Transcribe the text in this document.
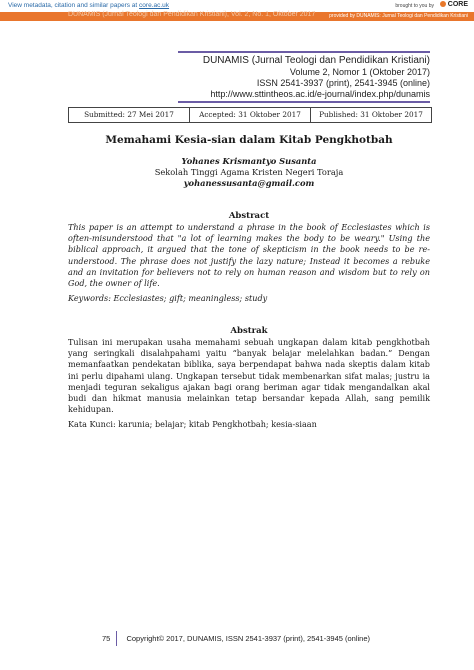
View metadata, citation and similar papers at core.ac.uk	brought to you by	CORE
DUNAMIS (Jurnal Teologi dan Pendidikan Kristiani), Vol. 2, No. 1, Oktober 2017	provided by DUNAMIS: Jurnal Teologi dan Pendidikan Kristiani
DUNAMIS (Jurnal Teologi dan Pendidikan Kristiani)
Volume 2, Nomor 1 (Oktober 2017)
ISSN 2541-3937 (print), 2541-3945 (online)
http://www.sttintheos.ac.id/e-journal/index.php/dunamis
Submitted: 27 Mei 2017	Accepted: 31 Oktober 2017	Published: 31 Oktober 2017
Memahami Kesia-sian dalam Kitab Pengkhotbah
Yohanes Krismantyo Susanta
Sekolah Tinggi Agama Kristen Negeri Toraja
yohanessusanta@gmail.com
Abstract

This paper is an attempt to understand a phrase in the book of Ecclesiastes which is often-misunderstood that "a lot of learning makes the body to be weary." Using the biblical approach, it argued that the tone of skepticism in the book needs to be re-understood. The phrase does not justify the lazy nature; Instead it becomes a rebuke and an invitation for believers not to rely on human reason and wisdom but to rely on God, the owner of life.

Keywords: Ecclesiastes; gift; meaningless; study

Abstrak

Tulisan ini merupakan usaha memahami sebuah ungkapan dalam kitab pengkhotbah yang seringkali disalahpahami yaitu “banyak belajar melelahkan badan.” Dengan memanfaatkan pendekatan biblika, saya berpendapat bahwa nada skeptis dalam kitab ini perlu dipahami ulang. Ungkapan tersebut tidak membenarkan sifat malas; justru ia menjadi teguran sekaligus ajakan bagi orang beriman agar tidak mengandalkan akal budi dan hikmat manusia melainkan tetap bersandar kepada Allah, sang pemilik kehidupan.

Kata Kunci: karunia; belajar; kitab Pengkhotbah; kesia-siaan

75 Copyright© 2017, DUNAMIS, ISSN 2541-3937 (print), 2541-3945 (online)
